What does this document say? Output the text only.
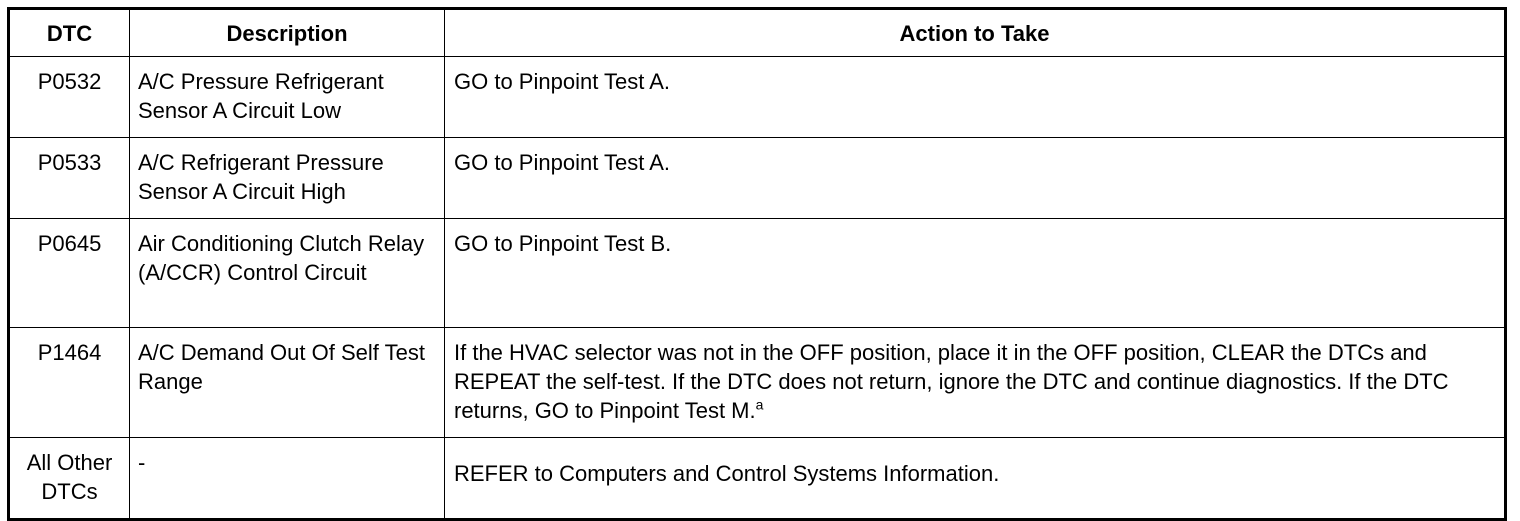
DTC	Description	Action to Take
P0532	A/C Pressure Refrigerant Sensor A Circuit Low	GO to Pinpoint Test A.
P0533	A/C Refrigerant Pressure Sensor A Circuit High	GO to Pinpoint Test A.
P0645	Air Conditioning Clutch Relay (A/CCR) Control Circuit	GO to Pinpoint Test B.
P1464	A/C Demand Out Of Self Test Range	If the HVAC selector was not in the OFF position, place it in the OFF position, CLEAR the DTCs and REPEAT the self-test. If the DTC does not return, ignore the DTC and continue diagnostics. If the DTC returns, GO to Pinpoint Test M.$^a$
All Other DTCs	-	REFER to Computers and Control Systems Information.
